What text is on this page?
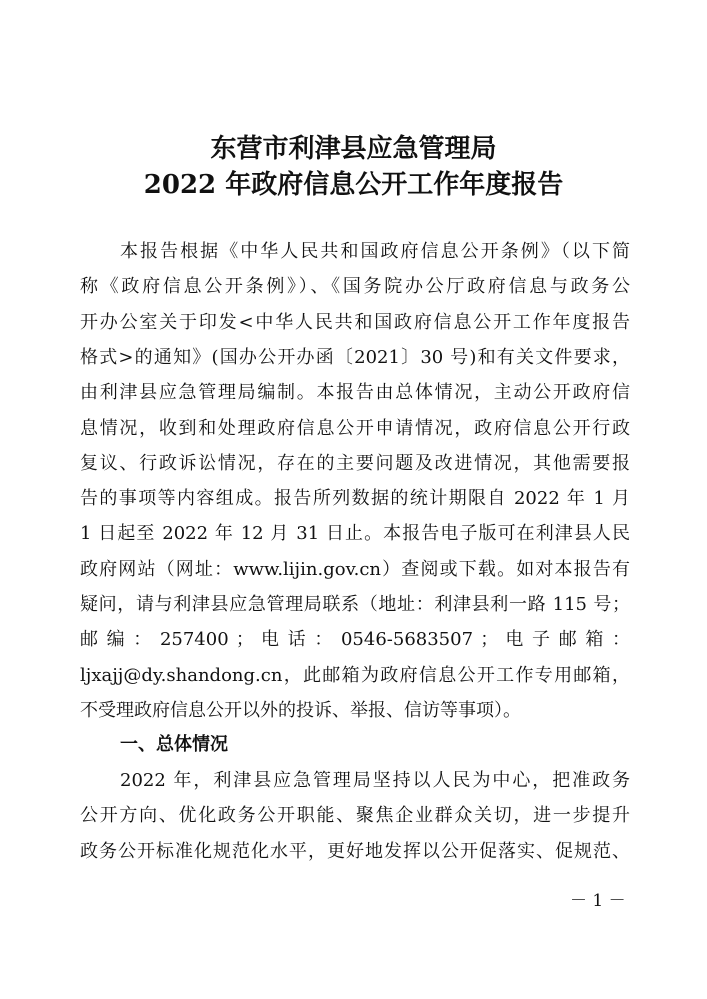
东营市利津县应急管理局
2022 年政府信息公开工作年度报告
本报告根据《中华人民共和国政府信息公开条例》（以下简
称《政府信息公开条例》）、《国务院办公厅政府信息与政务公
开办公室关于印发<中华人民共和国政府信息公开工作年度报告
格式>的通知》(国办公开办函〔2021〕30 号)和有关文件要求，
由利津县应急管理局编制。本报告由总体情况，主动公开政府信
息情况，收到和处理政府信息公开申请情况，政府信息公开行政
复议、行政诉讼情况，存在的主要问题及改进情况，其他需要报
告的事项等内容组成。报告所列数据的统计期限自 2022 年 1 月
1 日起至 2022 年 12 月 31 日止。本报告电子版可在利津县人民
政府网站（网址：www.lijin.gov.cn）查阅或下载。如对本报告有
疑问，请与利津县应急管理局联系（地址：利津县利一路 115 号；
邮 编 ： 257400 ； 电 话 ： 0546-5683507 ； 电 子 邮 箱 ：
ljxajj@dy.shandong.cn，此邮箱为政府信息公开工作专用邮箱，
不受理政府信息公开以外的投诉、举报、信访等事项）。
一、总体情况
2022 年，利津县应急管理局坚持以人民为中心，把准政务
公开方向、优化政务公开职能、聚焦企业群众关切，进一步提升
政务公开标准化规范化水平，更好地发挥以公开促落实、促规范、
－ 1 －
